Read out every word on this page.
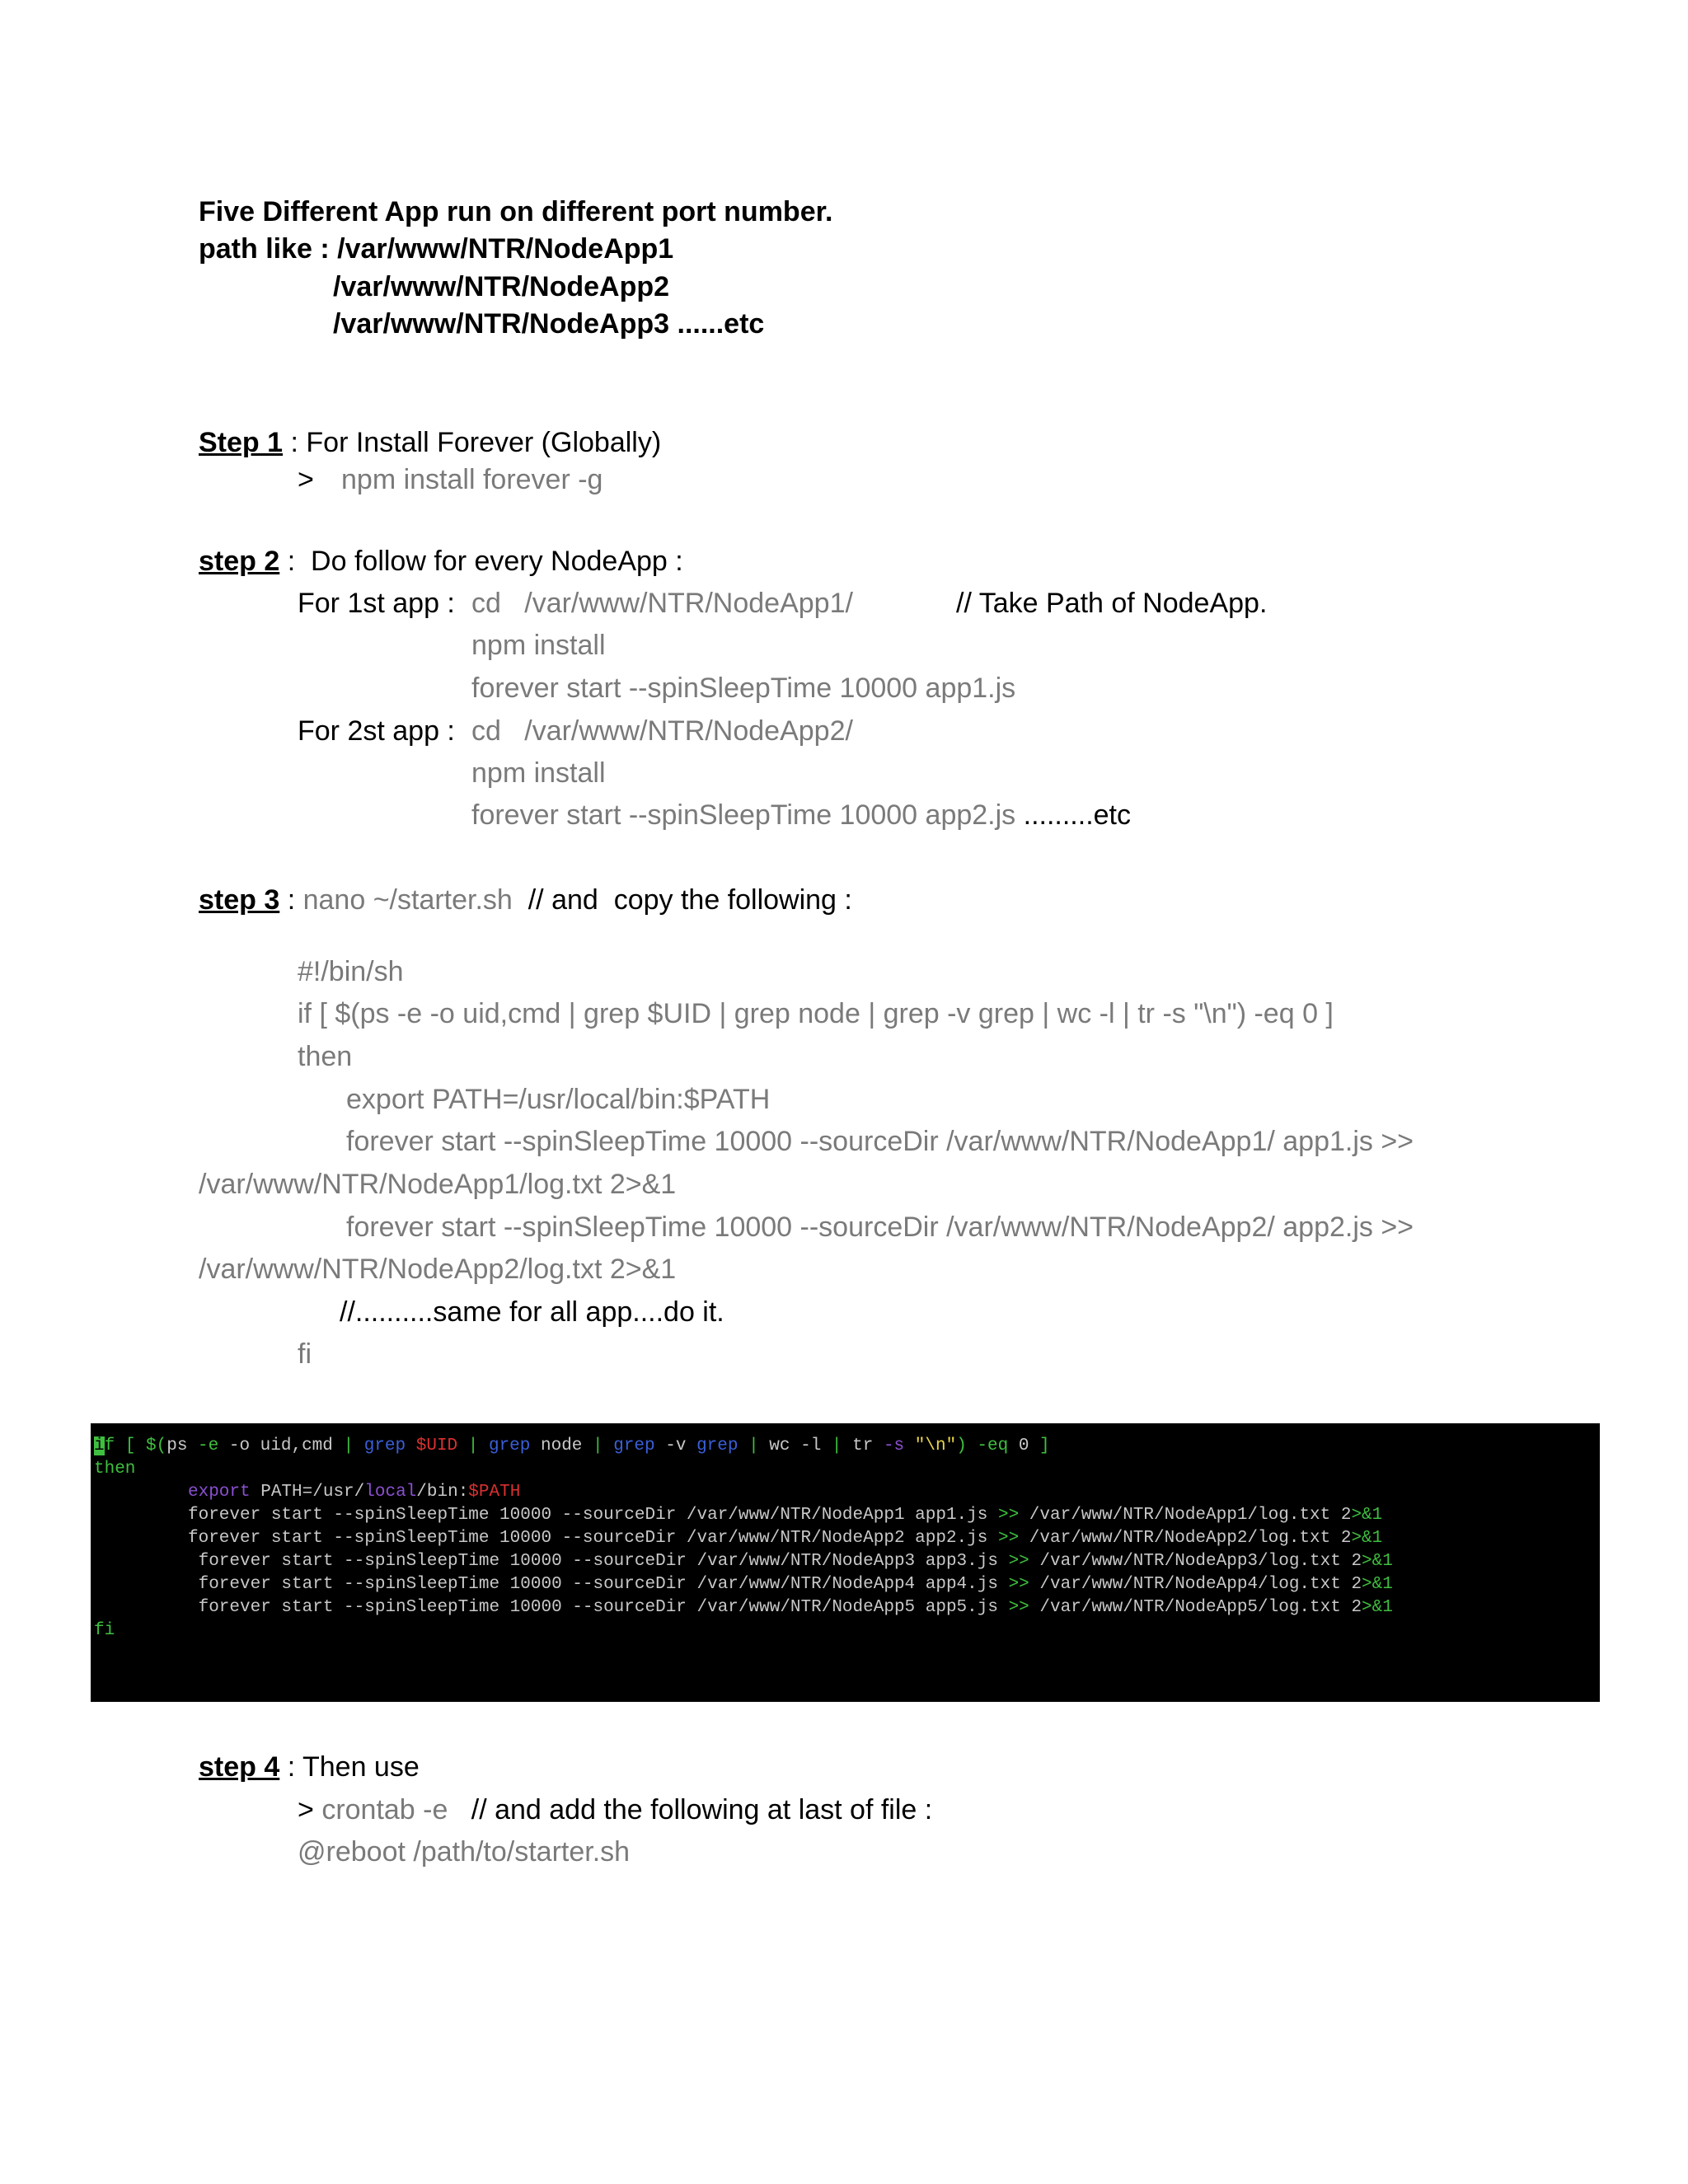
Five Different App run on different port number.
path like : /var/www/NTR/NodeApp1
/var/www/NTR/NodeApp2
/var/www/NTR/NodeApp3 ......etc
Step 1 : For Install Forever (Globally)
> npm install forever -g
step 2 :  Do follow for every NodeApp :
For 1st app : cd   /var/www/NTR/NodeApp1/	// Take Path of NodeApp.
npm install
forever start --spinSleepTime 10000 app1.js
For 2st app : cd   /var/www/NTR/NodeApp2/
npm install
forever start --spinSleepTime 10000 app2.js .........etc
step 3 : nano ~/starter.sh  // and  copy the following :
#!/bin/sh
if [ $(ps -e -o uid,cmd | grep $UID | grep node | grep -v grep | wc -l | tr -s "\n") -eq 0 ]
then
export PATH=/usr/local/bin:$PATH
forever start --spinSleepTime 10000 --sourceDir /var/www/NTR/NodeApp1/ app1.js >>
/var/www/NTR/NodeApp1/log.txt 2>&1
forever start --spinSleepTime 10000 --sourceDir /var/www/NTR/NodeApp2/ app2.js >>
/var/www/NTR/NodeApp2/log.txt 2>&1
//..........same for all app....do it.
fi
if [ $(ps -e -o uid,cmd | grep $UID | grep node | grep -v grep | wc -l | tr -s "\n") -eq 0 ]
then
export PATH=/usr/local/bin:$PATH
forever start --spinSleepTime 10000 --sourceDir /var/www/NTR/NodeApp1 app1.js >> /var/www/NTR/NodeApp1/log.txt 2>&1
forever start --spinSleepTime 10000 --sourceDir /var/www/NTR/NodeApp2 app2.js >> /var/www/NTR/NodeApp2/log.txt 2>&1
forever start --spinSleepTime 10000 --sourceDir /var/www/NTR/NodeApp3 app3.js >> /var/www/NTR/NodeApp3/log.txt 2>&1
forever start --spinSleepTime 10000 --sourceDir /var/www/NTR/NodeApp4 app4.js >> /var/www/NTR/NodeApp4/log.txt 2>&1
forever start --spinSleepTime 10000 --sourceDir /var/www/NTR/NodeApp5 app5.js >> /var/www/NTR/NodeApp5/log.txt 2>&1
fi
step 4 : Then use
> crontab -e   // and add the following at last of file :
@reboot /path/to/starter.sh
